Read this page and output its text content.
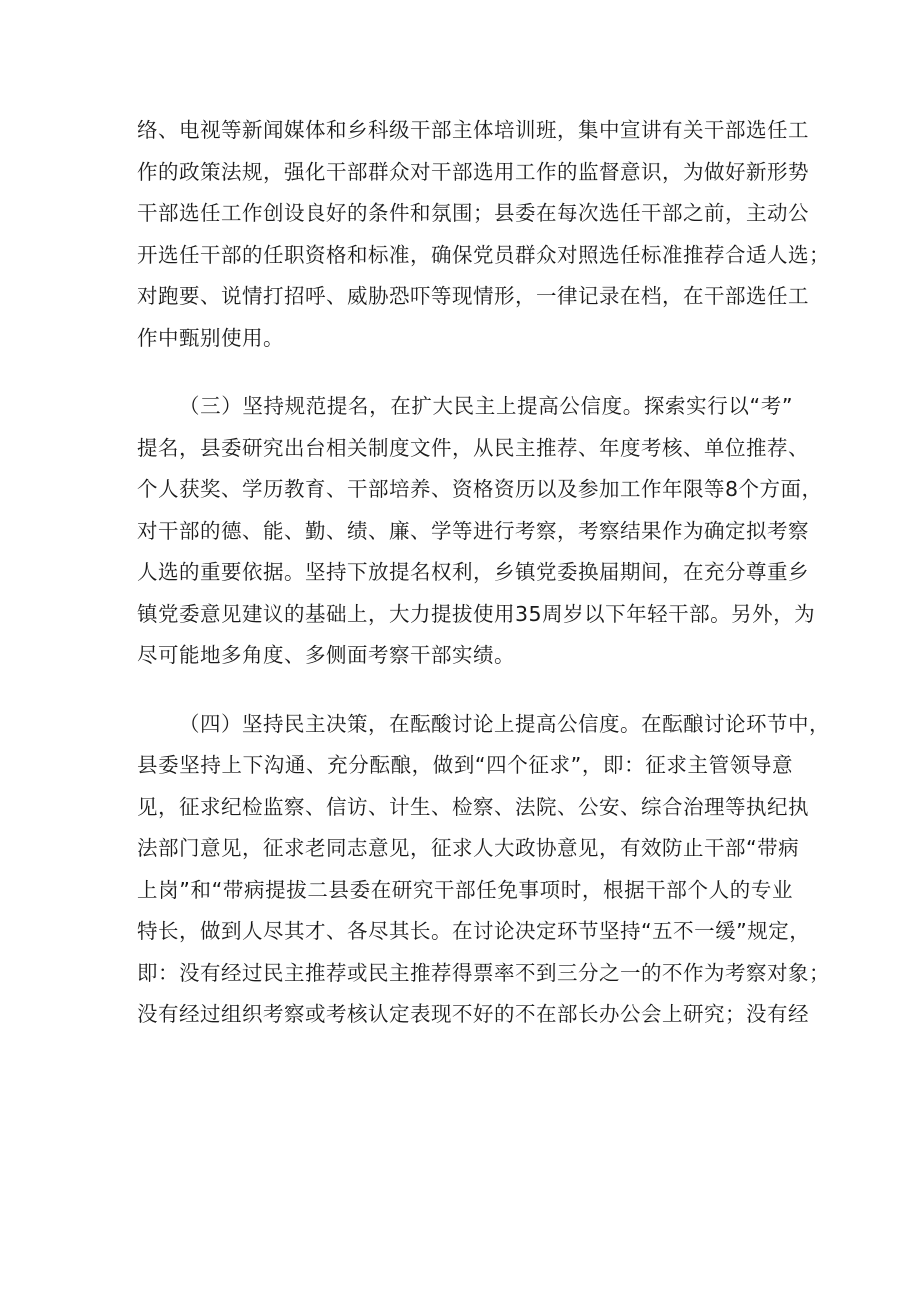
络、电视等新闻媒体和乡科级干部主体培训班，集中宣讲有关干部选任工
作的政策法规，强化干部群众对干部选用工作的监督意识，为做好新形势
干部选任工作创设良好的条件和氛围；县委在每次选任干部之前，主动公
开选任干部的任职资格和标准，确保党员群众对照选任标准推荐合适人选；
对跑要、说情打招呼、威胁恐吓等现情形，一律记录在档，在干部选任工
作中甄别使用。

（三）坚持规范提名，在扩大民主上提高公信度。探索实行以“考”
提名，县委研究出台相关制度文件，从民主推荐、年度考核、单位推荐、
个人获奖、学历教育、干部培养、资格资历以及参加工作年限等8个方面，
对干部的德、能、勤、绩、廉、学等进行考察，考察结果作为确定拟考察
人选的重要依据。坚持下放提名权利，乡镇党委换届期间，在充分尊重乡
镇党委意见建议的基础上，大力提拔使用35周岁以下年轻干部。另外，为
尽可能地多角度、多侧面考察干部实绩。

（四）坚持民主决策，在酝酸讨论上提高公信度。在酝酿讨论环节中，
县委坚持上下沟通、充分酝酿，做到“四个征求”，即：征求主管领导意
见，征求纪检监察、信访、计生、检察、法院、公安、综合治理等执纪执
法部门意见，征求老同志意见，征求人大政协意见，有效防止干部“带病
上岗”和“带病提拔二县委在研究干部任免事项时，根据干部个人的专业
特长，做到人尽其才、各尽其长。在讨论决定环节坚持“五不一缓”规定，
即：没有经过民主推荐或民主推荐得票率不到三分之一的不作为考察对象；
没有经过组织考察或考核认定表现不好的不在部长办公会上研究；没有经
